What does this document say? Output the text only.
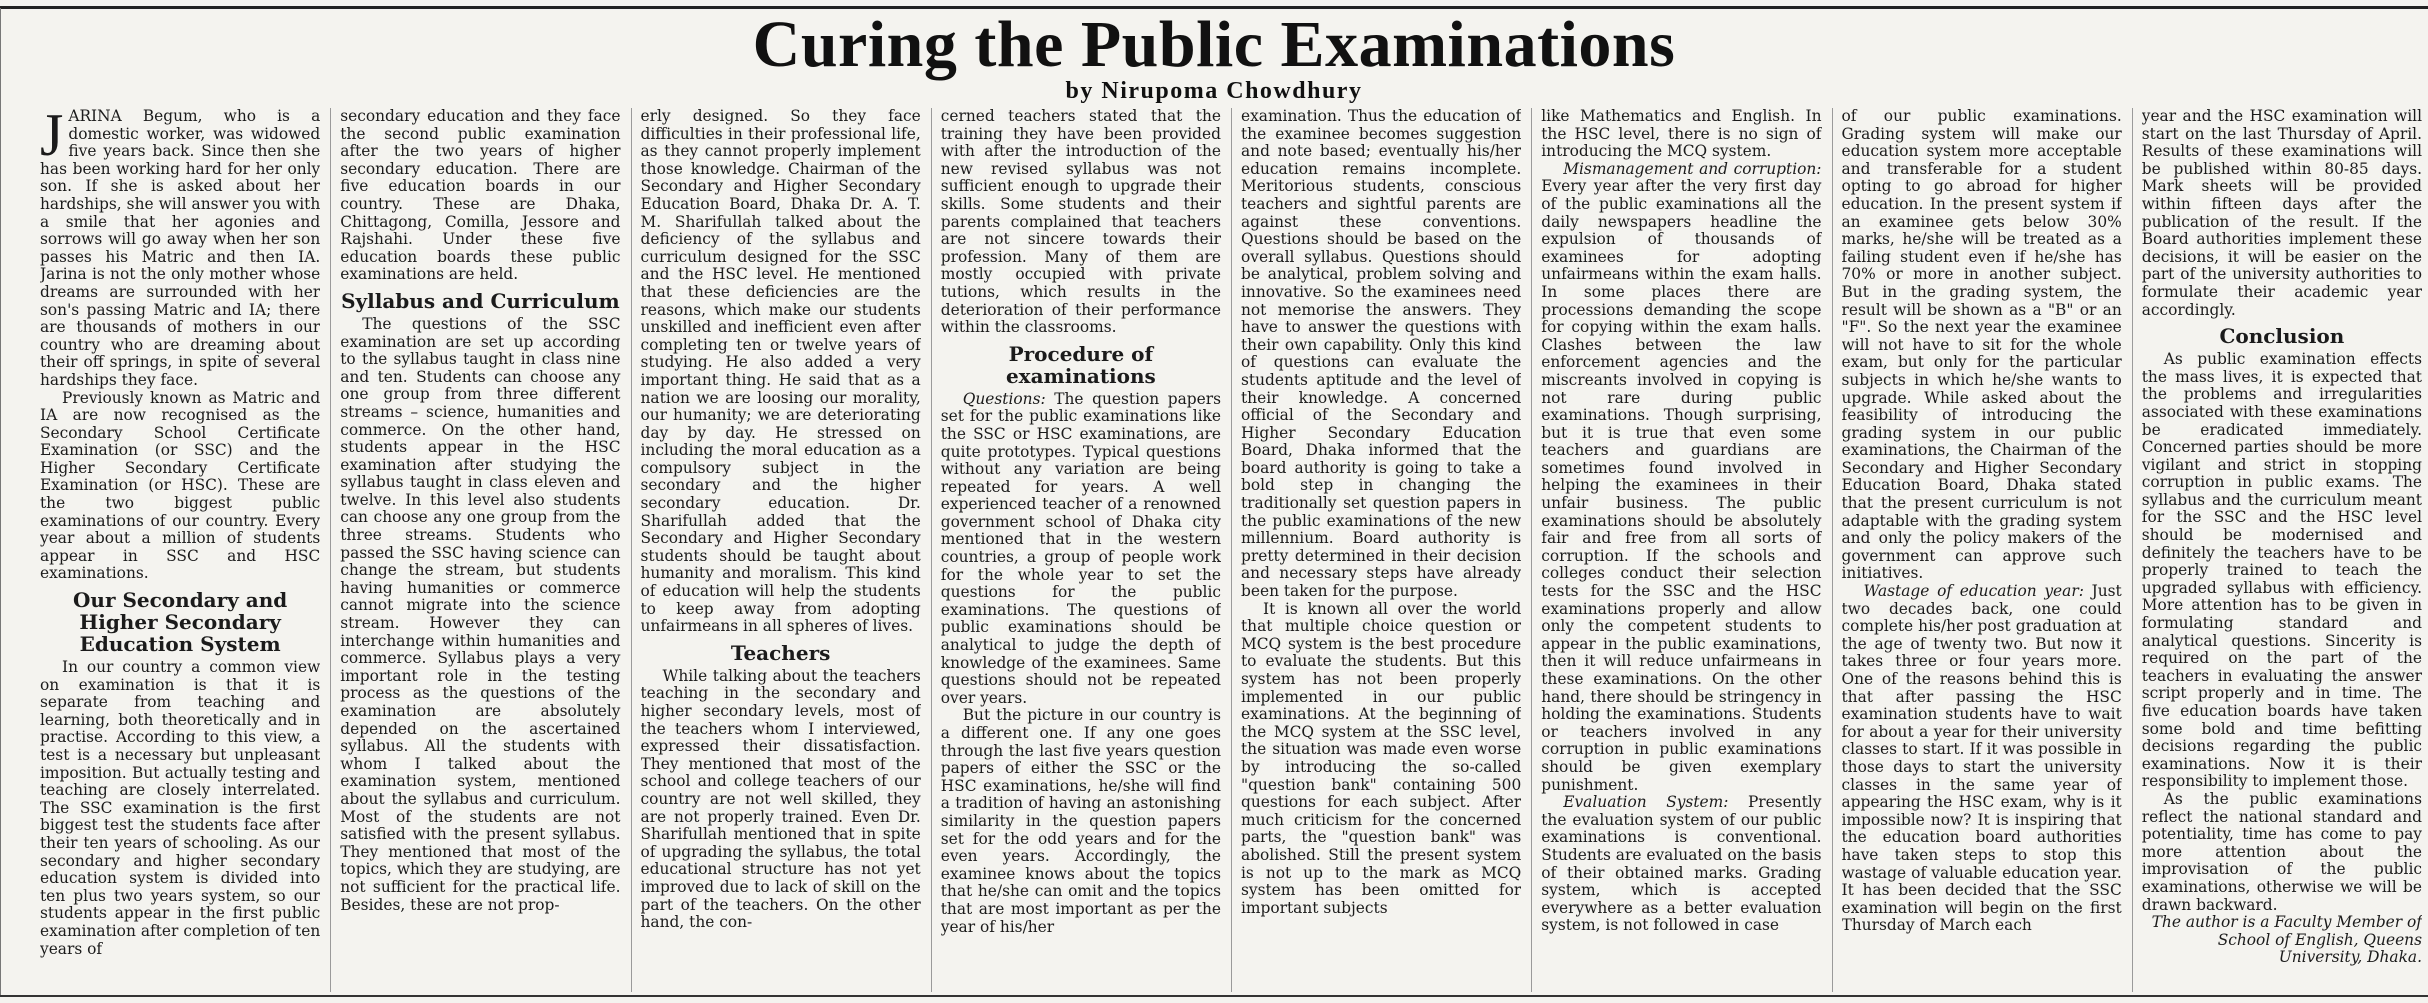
Curing the Public Examinations
by Nirupoma Chowdhury

JARINA Begum, who is a domestic worker, was widowed five years back. Since then she has been working hard for her only son. If she is asked about her hardships, she will answer you with a smile that her agonies and sorrows will go away when her son passes his Matric and then IA. Jarina is not the only mother whose dreams are surrounded with her son's passing Matric and IA; there are thousands of mothers in our country who are dreaming about their off springs, in spite of several hardships they face.

Previously known as Matric and IA are now recognised as the Secondary School Certificate Examination (or SSC) and the Higher Secondary Certificate Examination (or HSC). These are the two biggest public examinations of our country. Every year about a million of students appear in SSC and HSC examinations.

Our Secondary and Higher Secondary Education System

In our country a common view on examination is that it is separate from teaching and learning, both theoretically and in practise. According to this view, a test is a necessary but unpleasant imposition. But actually testing and teaching are closely interrelated. The SSC examination is the first biggest test the students face after their ten years of schooling. As our secondary and higher secondary education system is divided into ten plus two years system, so our students appear in the first public examination after completion of ten years of

secondary education and they face the second public examination after the two years of higher secondary education. There are five education boards in our country. These are Dhaka, Chittagong, Comilla, Jessore and Rajshahi. Under these five education boards these public examinations are held.

Syllabus and Curriculum

The questions of the SSC examination are set up according to the syllabus taught in class nine and ten. Students can choose any one group from three different streams – science, humanities and commerce. On the other hand, students appear in the HSC examination after studying the syllabus taught in class eleven and twelve. In this level also students can choose any one group from the three streams. Students who passed the SSC having science can change the stream, but students having humanities or commerce cannot migrate into the science stream. However they can interchange within humanities and commerce. Syllabus plays a very important role in the testing process as the questions of the examination are absolutely depended on the ascertained syllabus. All the students with whom I talked about the examination system, mentioned about the syllabus and curriculum. Most of the students are not satisfied with the present syllabus. They mentioned that most of the topics, which they are studying, are not sufficient for the practical life. Besides, these are not prop-

erly designed. So they face difficulties in their professional life, as they cannot properly implement those knowledge. Chairman of the Secondary and Higher Secondary Education Board, Dhaka Dr. A. T. M. Sharifullah talked about the deficiency of the syllabus and curriculum designed for the SSC and the HSC level. He mentioned that these deficiencies are the reasons, which make our students unskilled and inefficient even after completing ten or twelve years of studying. He also added a very important thing. He said that as a nation we are loosing our morality, our humanity; we are deteriorating day by day. He stressed on including the moral education as a compulsory subject in the secondary and the higher secondary education. Dr. Sharifullah added that the Secondary and Higher Secondary students should be taught about humanity and moralism. This kind of education will help the students to keep away from adopting unfairmeans in all spheres of lives.

Teachers

While talking about the teachers teaching in the secondary and higher secondary levels, most of the teachers whom I interviewed, expressed their dissatisfaction. They mentioned that most of the school and college teachers of our country are not well skilled, they are not properly trained. Even Dr. Sharifullah mentioned that in spite of upgrading the syllabus, the total educational structure has not yet improved due to lack of skill on the part of the teachers. On the other hand, the con-

cerned teachers stated that the training they have been provided with after the introduction of the new revised syllabus was not sufficient enough to upgrade their skills. Some students and their parents complained that teachers are not sincere towards their profession. Many of them are mostly occupied with private tutions, which results in the deterioration of their performance within the classrooms.

Procedure of examinations

Questions: The question papers set for the public examinations like the SSC or HSC examinations, are quite prototypes. Typical questions without any variation are being repeated for years. A well experienced teacher of a renowned government school of Dhaka city mentioned that in the western countries, a group of people work for the whole year to set the questions for the public examinations. The questions of public examinations should be analytical to judge the depth of knowledge of the examinees. Same questions should not be repeated over years.

But the picture in our country is a different one. If any one goes through the last five years question papers of either the SSC or the HSC examinations, he/she will find a tradition of having an astonishing similarity in the question papers set for the odd years and for the even years. Accordingly, the examinee knows about the topics that he/she can omit and the topics that are most important as per the year of his/her

examination. Thus the education of the examinee becomes suggestion and note based; eventually his/her education remains incomplete. Meritorious students, conscious teachers and sightful parents are against these conventions. Questions should be based on the overall syllabus. Questions should be analytical, problem solving and innovative. So the examinees need not memorise the answers. They have to answer the questions with their own capability. Only this kind of questions can evaluate the students aptitude and the level of their knowledge. A concerned official of the Secondary and Higher Secondary Education Board, Dhaka informed that the board authority is going to take a bold step in changing the traditionally set question papers in the public examinations of the new millennium. Board authority is pretty determined in their decision and necessary steps have already been taken for the purpose.

It is known all over the world that multiple choice question or MCQ system is the best procedure to evaluate the students. But this system has not been properly implemented in our public examinations. At the beginning of the MCQ system at the SSC level, the situation was made even worse by introducing the so-called "question bank" containing 500 questions for each subject. After much criticism for the concerned parts, the "question bank" was abolished. Still the present system is not up to the mark as MCQ system has been omitted for important subjects

like Mathematics and English. In the HSC level, there is no sign of introducing the MCQ system.

Mismanagement and corruption: Every year after the very first day of the public examinations all the daily newspapers headline the expulsion of thousands of examinees for adopting unfairmeans within the exam halls. In some places there are processions demanding the scope for copying within the exam halls. Clashes between the law enforcement agencies and the miscreants involved in copying is not rare during public examinations. Though surprising, but it is true that even some teachers and guardians are sometimes found involved in helping the examinees in their unfair business. The public examinations should be absolutely fair and free from all sorts of corruption. If the schools and colleges conduct their selection tests for the SSC and the HSC examinations properly and allow only the competent students to appear in the public examinations, then it will reduce unfairmeans in these examinations. On the other hand, there should be stringency in holding the examinations. Students or teachers involved in any corruption in public examinations should be given exemplary punishment.

Evaluation System: Presently the evaluation system of our public examinations is conventional. Students are evaluated on the basis of their obtained marks. Grading system, which is accepted everywhere as a better evaluation system, is not followed in case

of our public examinations. Grading system will make our education system more acceptable and transferable for a student opting to go abroad for higher education. In the present system if an examinee gets below 30% marks, he/she will be treated as a failing student even if he/she has 70% or more in another subject. But in the grading system, the result will be shown as a "B" or an "F". So the next year the examinee will not have to sit for the whole exam, but only for the particular subjects in which he/she wants to upgrade. While asked about the feasibility of introducing the grading system in our public examinations, the Chairman of the Secondary and Higher Secondary Education Board, Dhaka stated that the present curriculum is not adaptable with the grading system and only the policy makers of the government can approve such initiatives.

Wastage of education year: Just two decades back, one could complete his/her post graduation at the age of twenty two. But now it takes three or four years more. One of the reasons behind this is that after passing the HSC examination students have to wait for about a year for their university classes to start. If it was possible in those days to start the university classes in the same year of appearing the HSC exam, why is it impossible now? It is inspiring that the education board authorities have taken steps to stop this wastage of valuable education year. It has been decided that the SSC examination will begin on the first Thursday of March each

year and the HSC examination will start on the last Thursday of April. Results of these examinations will be published within 80-85 days. Mark sheets will be provided within fifteen days after the publication of the result. If the Board authorities implement these decisions, it will be easier on the part of the university authorities to formulate their academic year accordingly.

Conclusion

As public examination effects the mass lives, it is expected that the problems and irregularities associated with these examinations be eradicated immediately. Concerned parties should be more vigilant and strict in stopping corruption in public exams. The syllabus and the curriculum meant for the SSC and the HSC level should be modernised and definitely the teachers have to be properly trained to teach the upgraded syllabus with efficiency. More attention has to be given in formulating standard and analytical questions. Sincerity is required on the part of the teachers in evaluating the answer script properly and in time. The five education boards have taken some bold and time befitting decisions regarding the public examinations. Now it is their responsibility to implement those.

As the public examinations reflect the national standard and potentiality, time has come to pay more attention about the improvisation of the public examinations, otherwise we will be drawn backward.

The author is a Faculty Member of School of English, Queens University, Dhaka.
